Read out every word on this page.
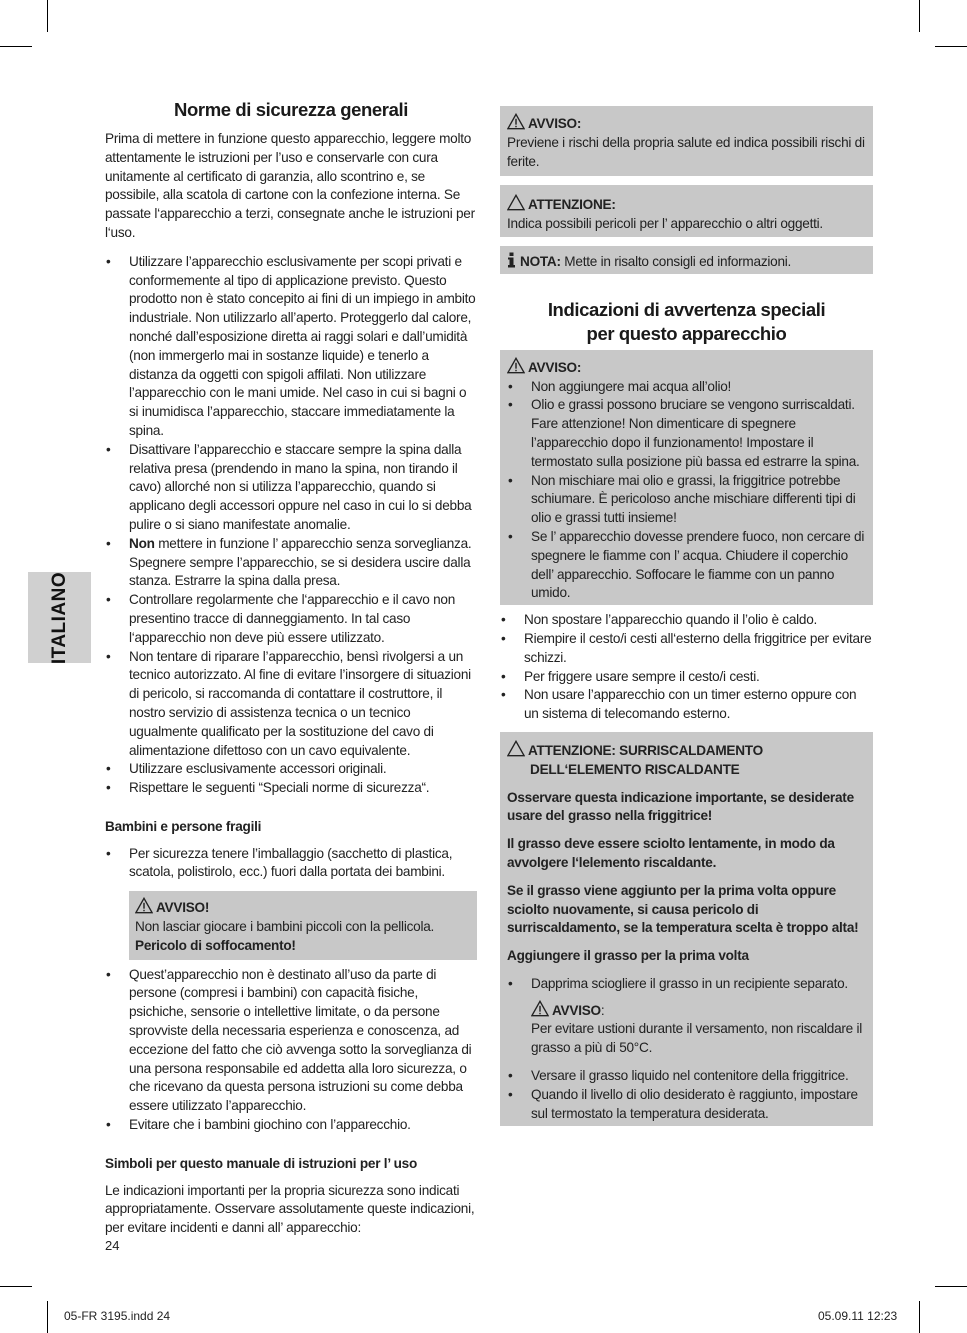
ITALIANO
Norme di sicurezza generali

Prima di mettere in funzione questo apparecchio, leggere molto attentamente le istruzioni per l’uso e conservarle con cura unitamente al certificato di garanzia, allo scontrino e, se possibile, alla scatola di cartone con la confezione interna. Se passate l‘apparecchio a terzi, consegnate anche le istruzioni per l‘uso.

• Utilizzare l’apparecchio esclusivamente per scopi privati e conformemente al tipo di applicazione previsto. Questo prodotto non è stato concepito ai fini di un impiego in ambito industriale. Non utilizzarlo all’aperto. Proteggerlo dal calore, nonché dall’esposizione diretta ai raggi solari e dall’umidità (non immergerlo mai in sostanze liquide) e tenerlo a distanza da oggetti con spigoli affilati. Non utilizzare l’apparecchio con le mani umide. Nel caso in cui si bagni o si inumidisca l’apparecchio, staccare immediatamente la spina.
• Disattivare l’apparecchio e staccare sempre la spina dalla relativa presa (prendendo in mano la spina, non tirando il cavo) allorché non si utilizza l’apparecchio, quando si applicano degli accessori oppure nel caso in cui lo si debba pulire o si siano manifestate anomalie.
• Non mettere in funzione l’ apparecchio senza sorveglianza. Spegnere sempre l’apparecchio, se si desidera uscire dalla stanza. Estrarre la spina dalla presa.
• Controllare regolarmente che l‘apparecchio e il cavo non presentino tracce di danneggiamento. In tal caso l‘apparecchio non deve più essere utilizzato.
• Non tentare di riparare l’apparecchio, bensì rivolgersi a un tecnico autorizzato. Al fine di evitare l’insorgere di situazioni di pericolo, si raccomanda di contattare il costruttore, il nostro servizio di assistenza tecnica o un tecnico ugualmente qualificato per la sostituzione del cavo di alimentazione difettoso con un cavo equivalente.
• Utilizzare esclusivamente accessori originali.
• Rispettare le seguenti “Speciali norme di sicurezza“.

Bambini e persone fragili

• Per sicurezza tenere l’imballaggio (sacchetto di plastica, scatola, polistirolo, ecc.) fuori dalla portata dei bambini.
AVVISO!
Non lasciar giocare i bambini piccoli con la pellicola.
Pericolo di soffocamento!
• Quest’apparecchio non è destinato all’uso da parte di persone (compresi i bambini) con capacità fisiche, psichiche, sensorie o intellettive limitate, o da persone sprovviste della necessaria esperienza e conoscenza, ad eccezione del fatto che ciò avvenga sotto la sorveglianza di una persona responsabile ed addetta alla loro sicurezza, o che ricevano da questa persona istruzioni su come debba essere utilizzato l’apparecchio.
• Evitare che i bambini giochino con l’apparecchio.

Simboli per questo manuale di istruzioni per l’ uso

Le indicazioni importanti per la propria sicurezza sono indicati appropriatamente. Osservare assolutamente queste indicazioni, per evitare incidenti e danni all’ apparecchio:

AVVISO:
Previene i rischi della propria salute ed indica possibili rischi di ferite.
ATTENZIONE:
Indica possibili pericoli per l’ apparecchio o altri oggetti.
NOTA: Mette in risalto consigli ed informazioni.
Indicazioni di avvertenza speciali
per questo apparecchio
AVVISO:
• Non aggiungere mai acqua all’olio!
• Olio e grassi possono bruciare se vengono surriscaldati. Fare attenzione! Non dimenticare di spegnere l’apparecchio dopo il funzionamento! Impostare il termostato sulla posizione più bassa ed estrarre la spina.
• Non mischiare mai olio e grassi, la friggitrice potrebbe schiumare. È pericoloso anche mischiare differenti tipi di olio e grassi tutti insieme!
• Se l’ apparecchio dovesse prendere fuoco, non cercare di spegnere le fiamme con l’ acqua. Chiudere il coperchio dell’ apparecchio. Soffocare le fiamme con un panno umido.
• Non spostare l’apparecchio quando il l’olio è caldo.
• Riempire il cesto/i cesti all‘esterno della friggitrice per evitare schizzi.
• Per friggere usare sempre il cesto/i cesti.
• Non usare l’apparecchio con un timer esterno oppure con un sistema di telecomando esterno.
ATTENZIONE: SURRISCALDAMENTO
DELL‘ELEMENTO RISCALDANTE

Osservare questa indicazione importante, se desiderate usare del grasso nella friggitrice!

Il grasso deve essere sciolto lentamente, in modo da avvolgere l‘lelemento riscaldante.

Se il grasso viene aggiunto per la prima volta oppure sciolto nuovamente, si causa pericolo di surriscaldamento, se la temperatura scelta è troppo alta!

Aggiungere il grasso per la prima volta

• Dapprima sciogliere il grasso in un recipiente separato.
AVVISO:
Per evitare ustioni durante il versamento, non riscaldare il grasso a più di 50°C.
• Versare il grasso liquido nel contenitore della friggitrice.
• Quando il livello di olio desiderato è raggiunto, impostare sul termostato la temperatura desiderata.
24
05-FR 3195.indd 24	05.09.11 12:23
